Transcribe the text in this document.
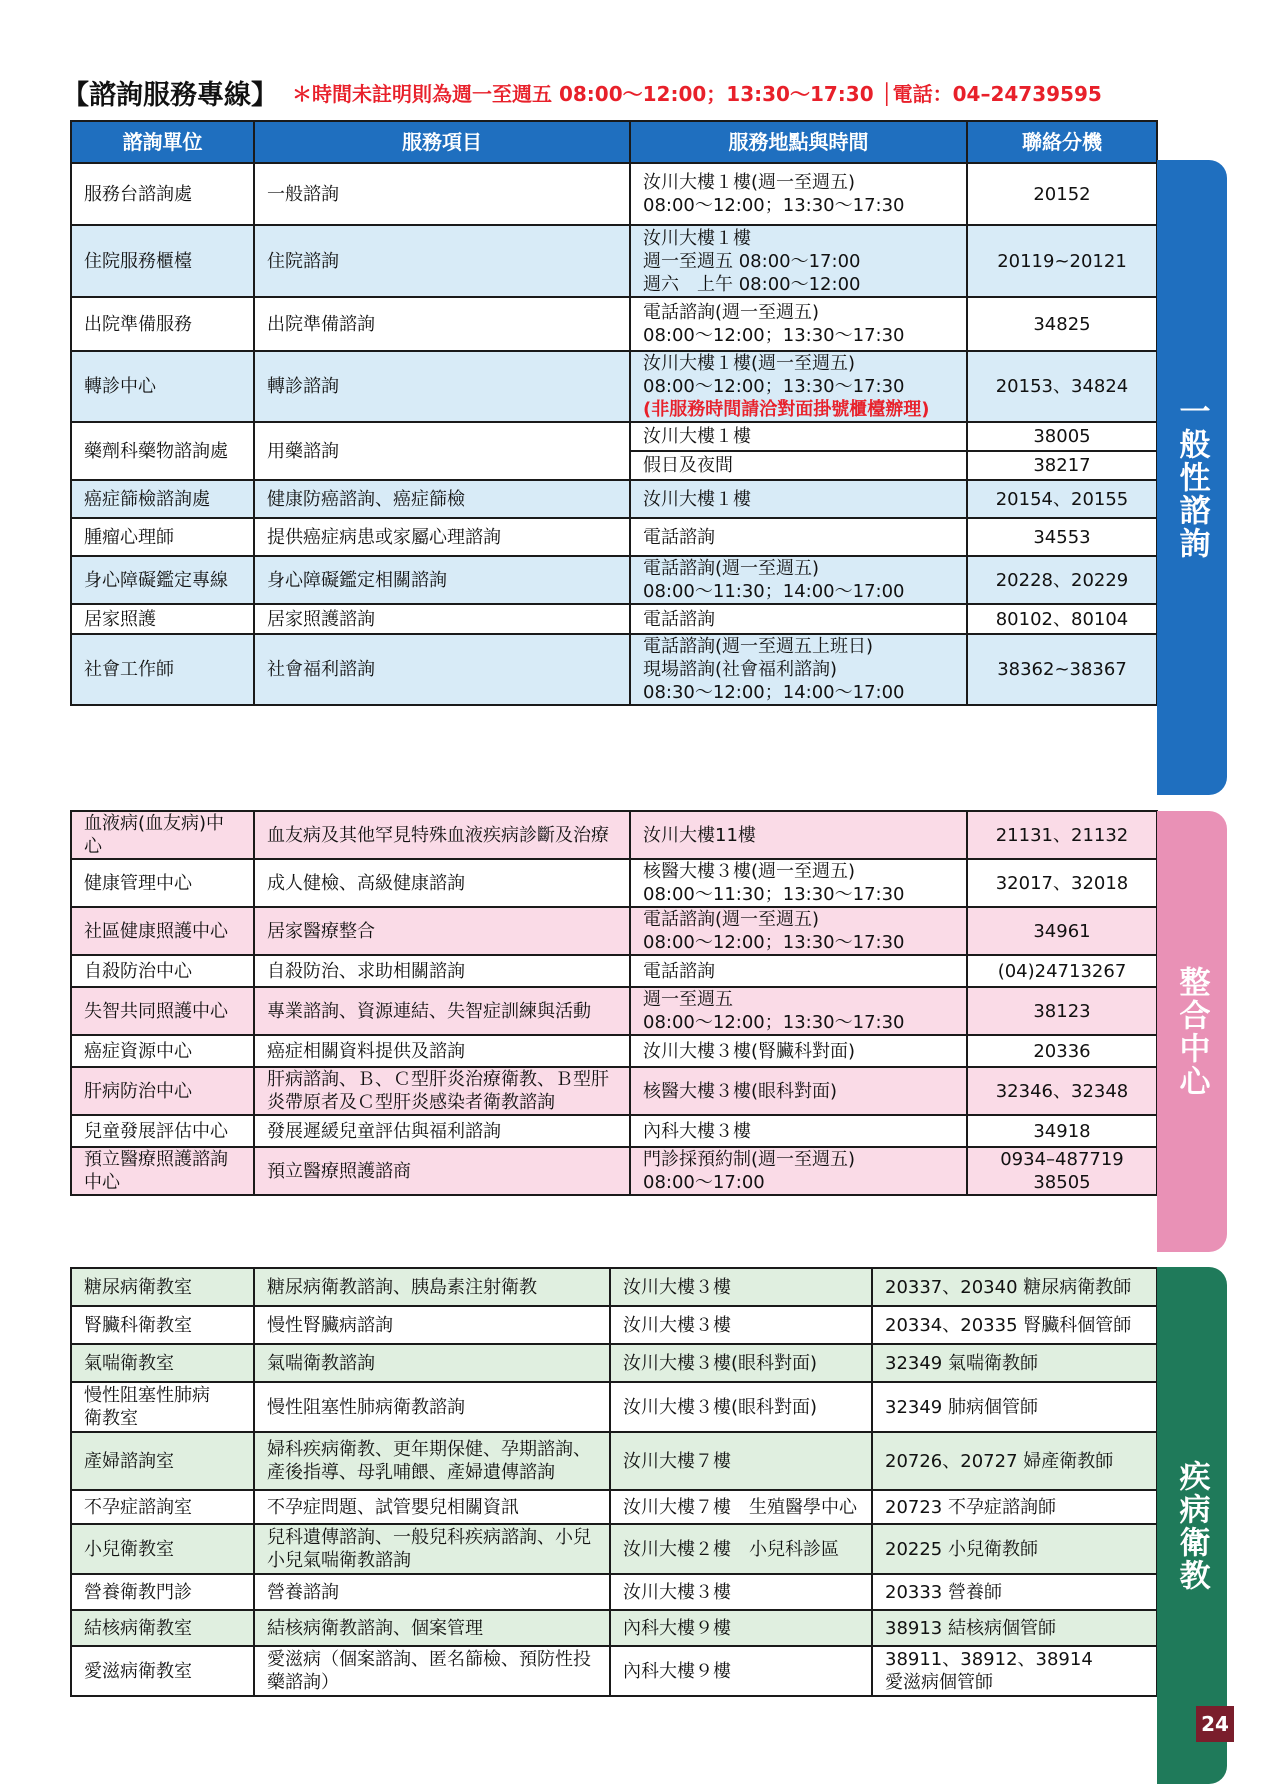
【諮詢服務專線】 ＊時間未註明則為週一至週五 08:00～12:00；13:30～17:30 │電話：04–24739595
諮詢單位	服務項目	服務地點與時間	聯絡分機
服務台諮詢處	一般諮詢	汝川大樓１樓(週一至週五)
08:00～12:00；13:30～17:30	20152
住院服務櫃檯	住院諮詢	汝川大樓１樓
週一至週五 08:00～17:00
週六　上午 08:00～12:00	20119~20121
出院準備服務	出院準備諮詢	電話諮詢(週一至週五)
08:00～12:00；13:30～17:30	34825
轉診中心	轉診諮詢	汝川大樓１樓(週一至週五)
08:00～12:00；13:30～17:30
(非服務時間請洽對面掛號櫃檯辦理)	20153、34824
藥劑科藥物諮詢處	用藥諮詢	汝川大樓１樓	38005
		假日及夜間	38217
癌症篩檢諮詢處	健康防癌諮詢、癌症篩檢	汝川大樓１樓	20154、20155
腫瘤心理師	提供癌症病患或家屬心理諮詢	電話諮詢	34553
身心障礙鑑定專線	身心障礙鑑定相關諮詢	電話諮詢(週一至週五)
08:00～11:30；14:00～17:00	20228、20229
居家照護	居家照護諮詢	電話諮詢	80102、80104
社會工作師	社會福利諮詢	電話諮詢(週一至週五上班日)
現場諮詢(社會福利諮詢)
08:30～12:00；14:00～17:00	38362~38367
血液病(血友病)中心	血友病及其他罕見特殊血液疾病診斷及治療	汝川大樓11樓	21131、21132
健康管理中心	成人健檢、高級健康諮詢	核醫大樓３樓(週一至週五)
08:00～11:30；13:30～17:30	32017、32018
社區健康照護中心	居家醫療整合	電話諮詢(週一至週五)
08:00～12:00；13:30～17:30	34961
自殺防治中心	自殺防治、求助相關諮詢	電話諮詢	(04)24713267
失智共同照護中心	專業諮詢、資源連結、失智症訓練與活動	週一至週五
08:00～12:00；13:30～17:30	38123
癌症資源中心	癌症相關資料提供及諮詢	汝川大樓３樓(腎臟科對面)	20336
肝病防治中心	肝病諮詢、Ｂ、Ｃ型肝炎治療衛教、Ｂ型肝
炎帶原者及Ｃ型肝炎感染者衛教諮詢	核醫大樓３樓(眼科對面)	32346、32348
兒童發展評估中心	發展遲緩兒童評估與福利諮詢	內科大樓３樓	34918
預立醫療照護諮詢
中心	預立醫療照護諮商	門診採預約制(週一至週五)
08:00～17:00	0934–487719
38505
糖尿病衛教室	糖尿病衛教諮詢、胰島素注射衛教	汝川大樓３樓	20337、20340 糖尿病衛教師
腎臟科衛教室	慢性腎臟病諮詢	汝川大樓３樓	20334、20335 腎臟科個管師
氣喘衛教室	氣喘衛教諮詢	汝川大樓３樓(眼科對面)	32349 氣喘衛教師
慢性阻塞性肺病
衛教室	慢性阻塞性肺病衛教諮詢	汝川大樓３樓(眼科對面)	32349 肺病個管師
產婦諮詢室	婦科疾病衛教、更年期保健、孕期諮詢、
產後指導、母乳哺餵、產婦遺傳諮詢	汝川大樓７樓	20726、20727 婦產衛教師
不孕症諮詢室	不孕症問題、試管嬰兒相關資訊	汝川大樓７樓　生殖醫學中心	20723 不孕症諮詢師
小兒衛教室	兒科遺傳諮詢、一般兒科疾病諮詢、小兒
小兒氣喘衛教諮詢	汝川大樓２樓　小兒科診區	20225 小兒衛教師
營養衛教門診	營養諮詢	汝川大樓３樓	20333 營養師
結核病衛教室	結核病衛教諮詢、個案管理	內科大樓９樓	38913 結核病個管師
愛滋病衛教室	愛滋病（個案諮詢、匿名篩檢、預防性投
藥諮詢）	內科大樓９樓	38911、38912、38914
愛滋病個管師
一般性諮詢
整合中心
疾病衛教
24
